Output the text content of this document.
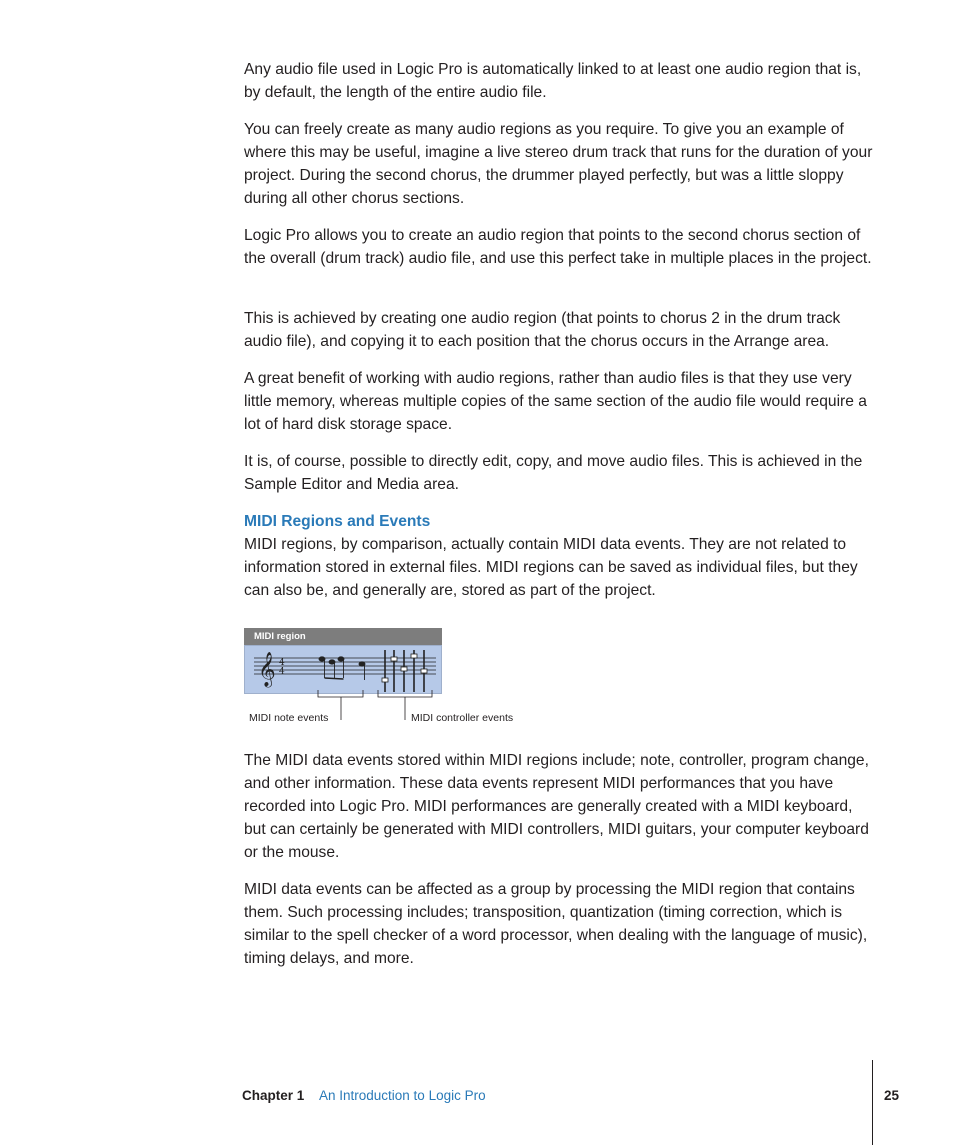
Any audio file used in Logic Pro is automatically linked to at least one audio region that is, by default, the length of the entire audio file.

You can freely create as many audio regions as you require. To give you an example of where this may be useful, imagine a live stereo drum track that runs for the duration of your project. During the second chorus, the drummer played perfectly, but was a little sloppy during all other chorus sections.

Logic Pro allows you to create an audio region that points to the second chorus section of the overall (drum track) audio file, and use this perfect take in multiple places in the project.

This is achieved by creating one audio region (that points to chorus 2 in the drum track audio file), and copying it to each position that the chorus occurs in the Arrange area.

A great benefit of working with audio regions, rather than audio files is that they use very little memory, whereas multiple copies of the same section of the audio file would require a lot of hard disk storage space.

It is, of course, possible to directly edit, copy, and move audio files. This is achieved in the Sample Editor and Media area.

MIDI Regions and Events

MIDI regions, by comparison, actually contain MIDI data events. They are not related to information stored in external files. MIDI regions can be saved as individual files, but they can also be, and generally are, stored as part of the project.

MIDI region
𝄞 4
4
MIDI note events	MIDI controller events

The MIDI data events stored within MIDI regions include; note, controller, program change, and other information. These data events represent MIDI performances that you have recorded into Logic Pro. MIDI performances are generally created with a MIDI keyboard, but can certainly be generated with MIDI controllers, MIDI guitars, your computer keyboard or the mouse.

MIDI data events can be affected as a group by processing the MIDI region that contains them. Such processing includes; transposition, quantization (timing correction, which is similar to the spell checker of a word processor, when dealing with the language of music), timing delays, and more.

Chapter 1 An Introduction to Logic Pro	25
